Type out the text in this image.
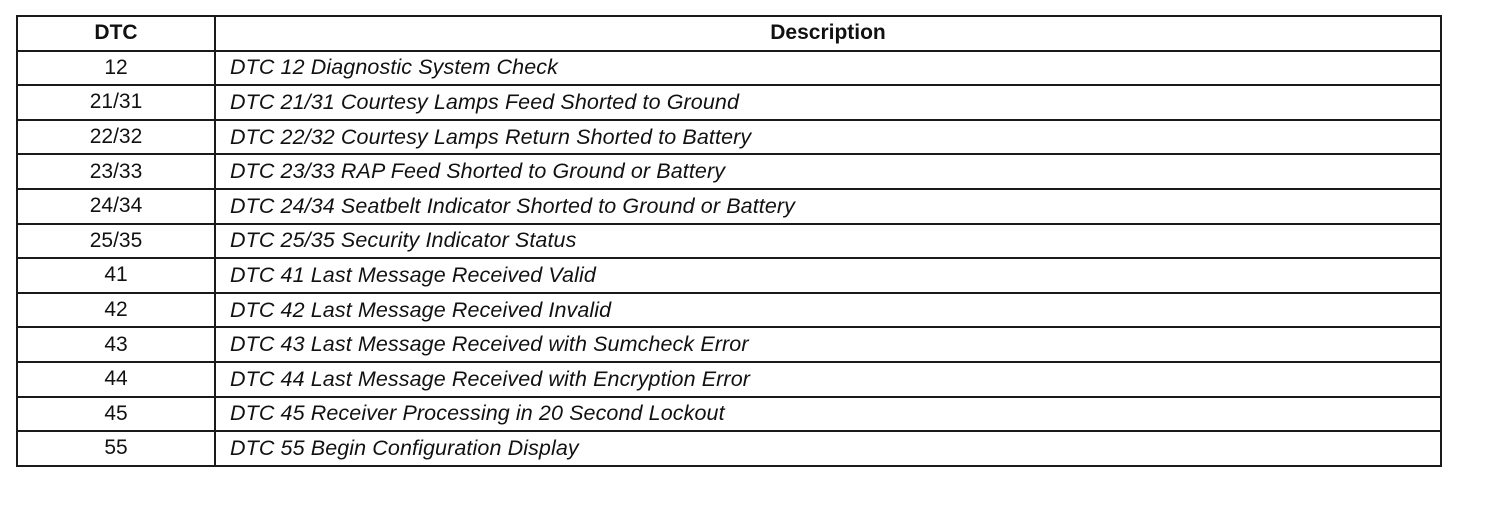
DTC	Description
12	DTC 12 Diagnostic System Check
21/31	DTC 21/31 Courtesy Lamps Feed Shorted to Ground
22/32	DTC 22/32 Courtesy Lamps Return Shorted to Battery
23/33	DTC 23/33 RAP Feed Shorted to Ground or Battery
24/34	DTC 24/34 Seatbelt Indicator Shorted to Ground or Battery
25/35	DTC 25/35 Security Indicator Status
41	DTC 41 Last Message Received Valid
42	DTC 42 Last Message Received Invalid
43	DTC 43 Last Message Received with Sumcheck Error
44	DTC 44 Last Message Received with Encryption Error
45	DTC 45 Receiver Processing in 20 Second Lockout
55	DTC 55 Begin Configuration Display
